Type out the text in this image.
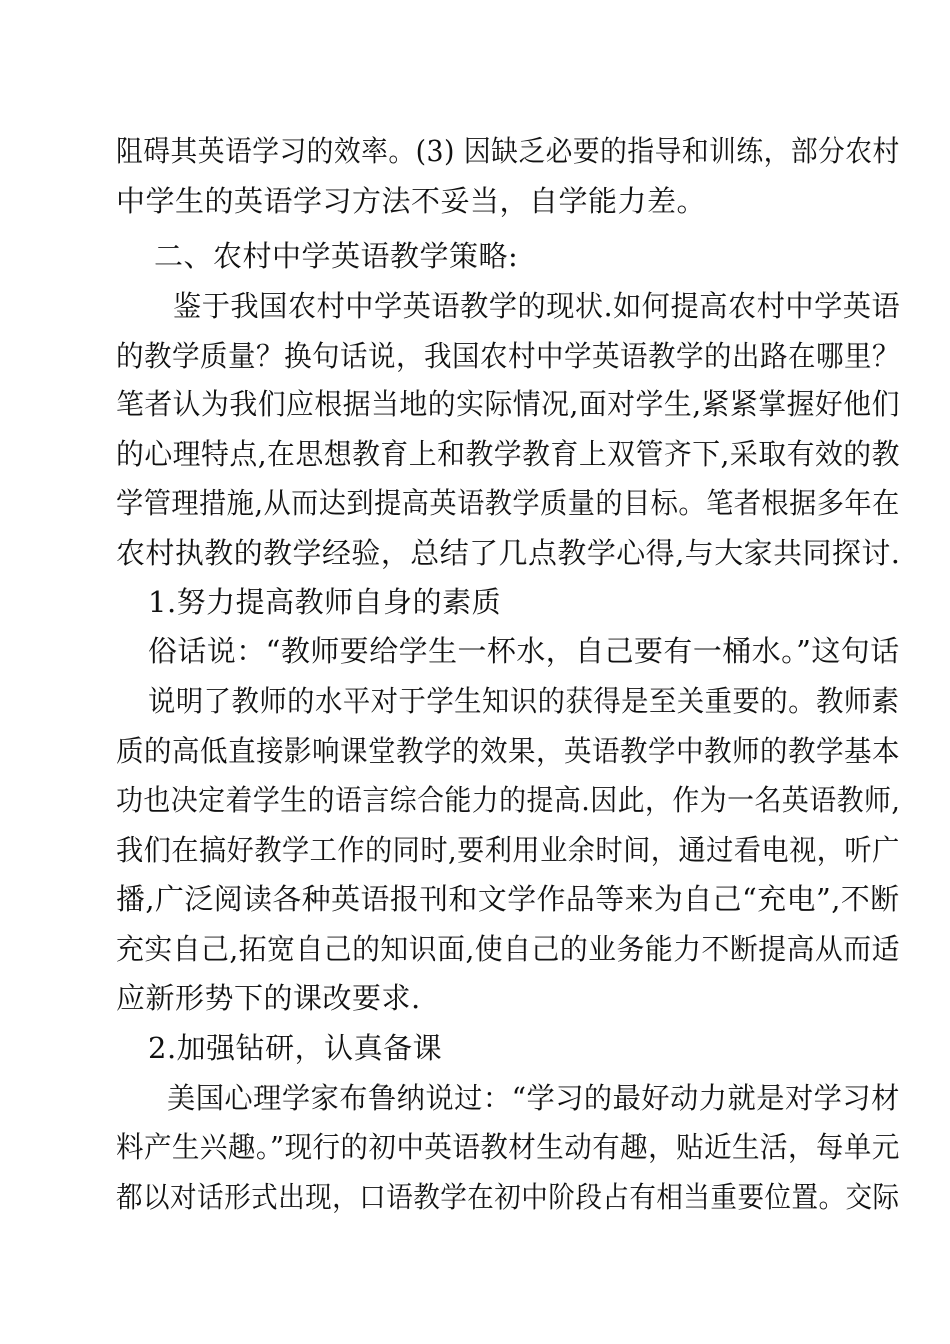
阻碍其英语学习的效率。(3) 因缺乏必要的指导和训练，部分农村
中学生的英语学习方法不妥当，自学能力差。
二、农村中学英语教学策略:
鉴于我国农村中学英语教学的现状.如何提高农村中学英语
的教学质量？换句话说，我国农村中学英语教学的出路在哪里？
笔者认为我们应根据当地的实际情况,面对学生,紧紧掌握好他们
的心理特点,在思想教育上和教学教育上双管齐下,采取有效的教
学管理措施,从而达到提高英语教学质量的目标。笔者根据多年在
农村执教的教学经验，总结了几点教学心得,与大家共同探讨.
1.努力提高教师自身的素质
俗话说：“教师要给学生一杯水，自己要有一桶水。”这句话
说明了教师的水平对于学生知识的获得是至关重要的。教师素
质的高低直接影响课堂教学的效果，英语教学中教师的教学基本
功也决定着学生的语言综合能力的提高.因此，作为一名英语教师,
我们在搞好教学工作的同时,要利用业余时间，通过看电视，听广
播,广泛阅读各种英语报刊和文学作品等来为自己“充电”,不断
充实自己,拓宽自己的知识面,使自己的业务能力不断提高从而适
应新形势下的课改要求.
2.加强钻研，认真备课
美国心理学家布鲁纳说过：“学习的最好动力就是对学习材
料产生兴趣。”现行的初中英语教材生动有趣，贴近生活，每单元
都以对话形式出现，口语教学在初中阶段占有相当重要位置。交际
